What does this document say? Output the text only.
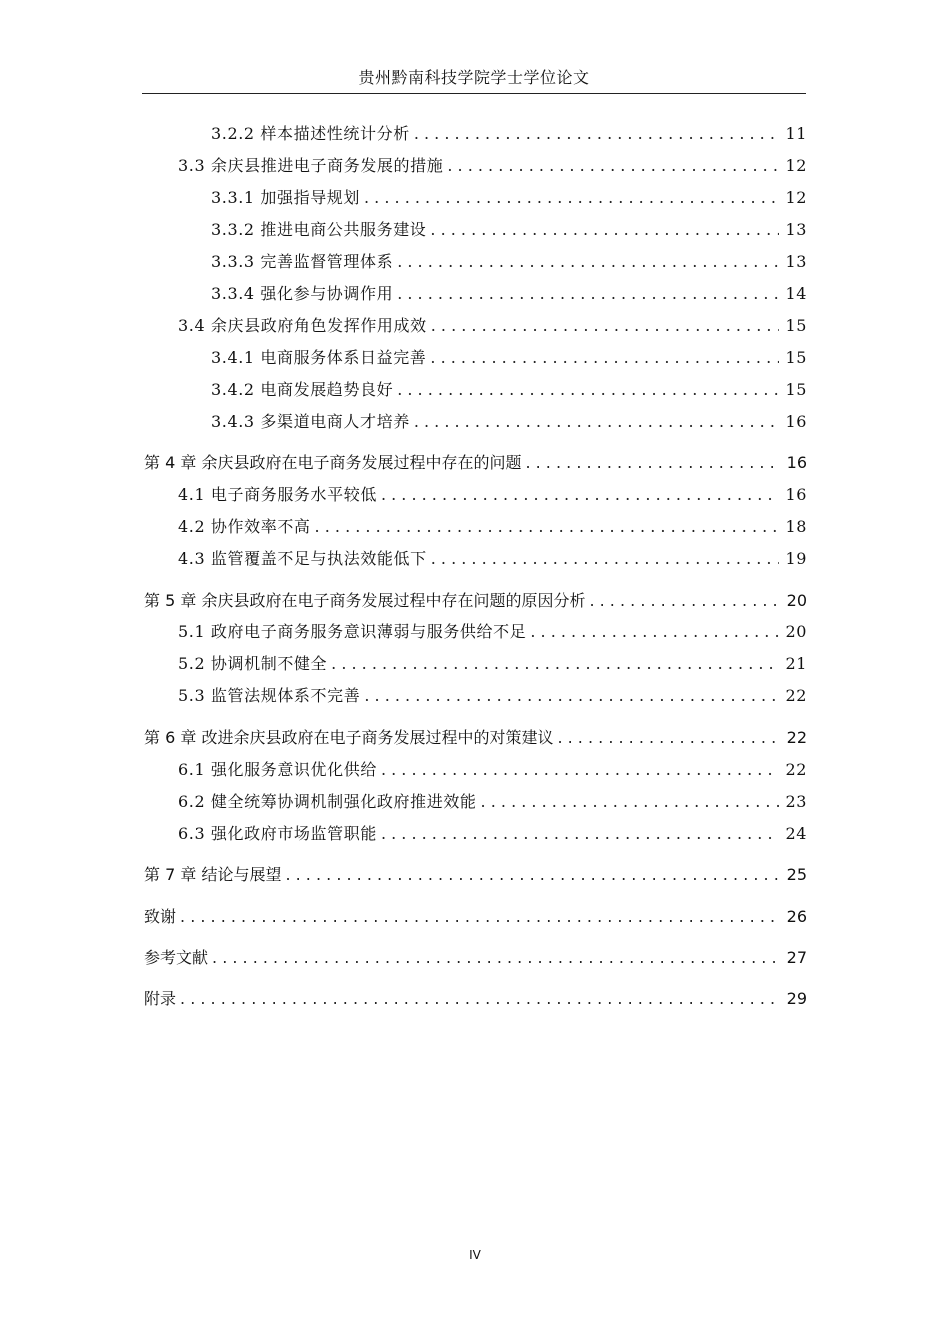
贵州黔南科技学院学士学位论文
3.2.2 样本描述性统计分析 . . .	11
3.3 余庆县推进电子商务发展的措施 . . .	12
3.3.1 加强指导规划 . . .	12
3.3.2 推进电商公共服务建设 . . .	13
3.3.3 完善监督管理体系 . . .	13
3.3.4 强化参与协调作用 . . .	14
3.4 余庆县政府角色发挥作用成效 . . .	15
3.4.1 电商服务体系日益完善 . . .	15
3.4.2 电商发展趋势良好 . . .	15
3.4.3 多渠道电商人才培养 . . .	16
第 4 章 余庆县政府在电子商务发展过程中存在的问题 . . .	16
4.1 电子商务服务水平较低 . . .	16
4.2 协作效率不高 . . .	18
4.3 监管覆盖不足与执法效能低下 . . .	19
第 5 章 余庆县政府在电子商务发展过程中存在问题的原因分析 . . .	20
5.1 政府电子商务服务意识薄弱与服务供给不足 . . .	20
5.2 协调机制不健全 . . .	21
5.3 监管法规体系不完善 . . .	22
第 6 章 改进余庆县政府在电子商务发展过程中的对策建议 . . .	22
6.1 强化服务意识优化供给 . . .	22
6.2 健全统筹协调机制强化政府推进效能 . . .	23
6.3 强化政府市场监管职能 . . .	24
第 7 章 结论与展望 . . .	25
致谢 . . .	26
参考文献 . . .	27
附录 . . .	29
IV
